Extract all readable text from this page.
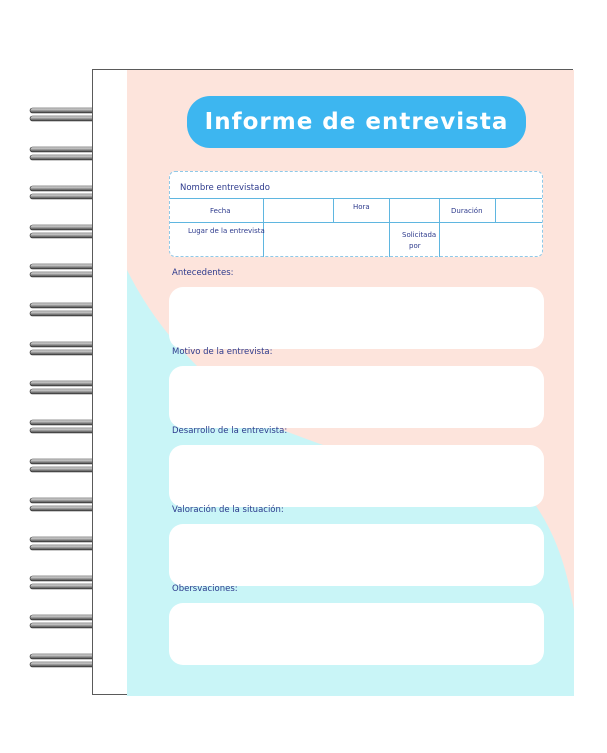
Informe de entrevista
Nombre entrevistado
Fecha	Hora	Duración
Lugar de la entrevista	Solicitada
por
Antecedentes:
Motivo de la entrevista:
Desarrollo de la entrevista:
Valoración de la situación:
Obersvaciones:
